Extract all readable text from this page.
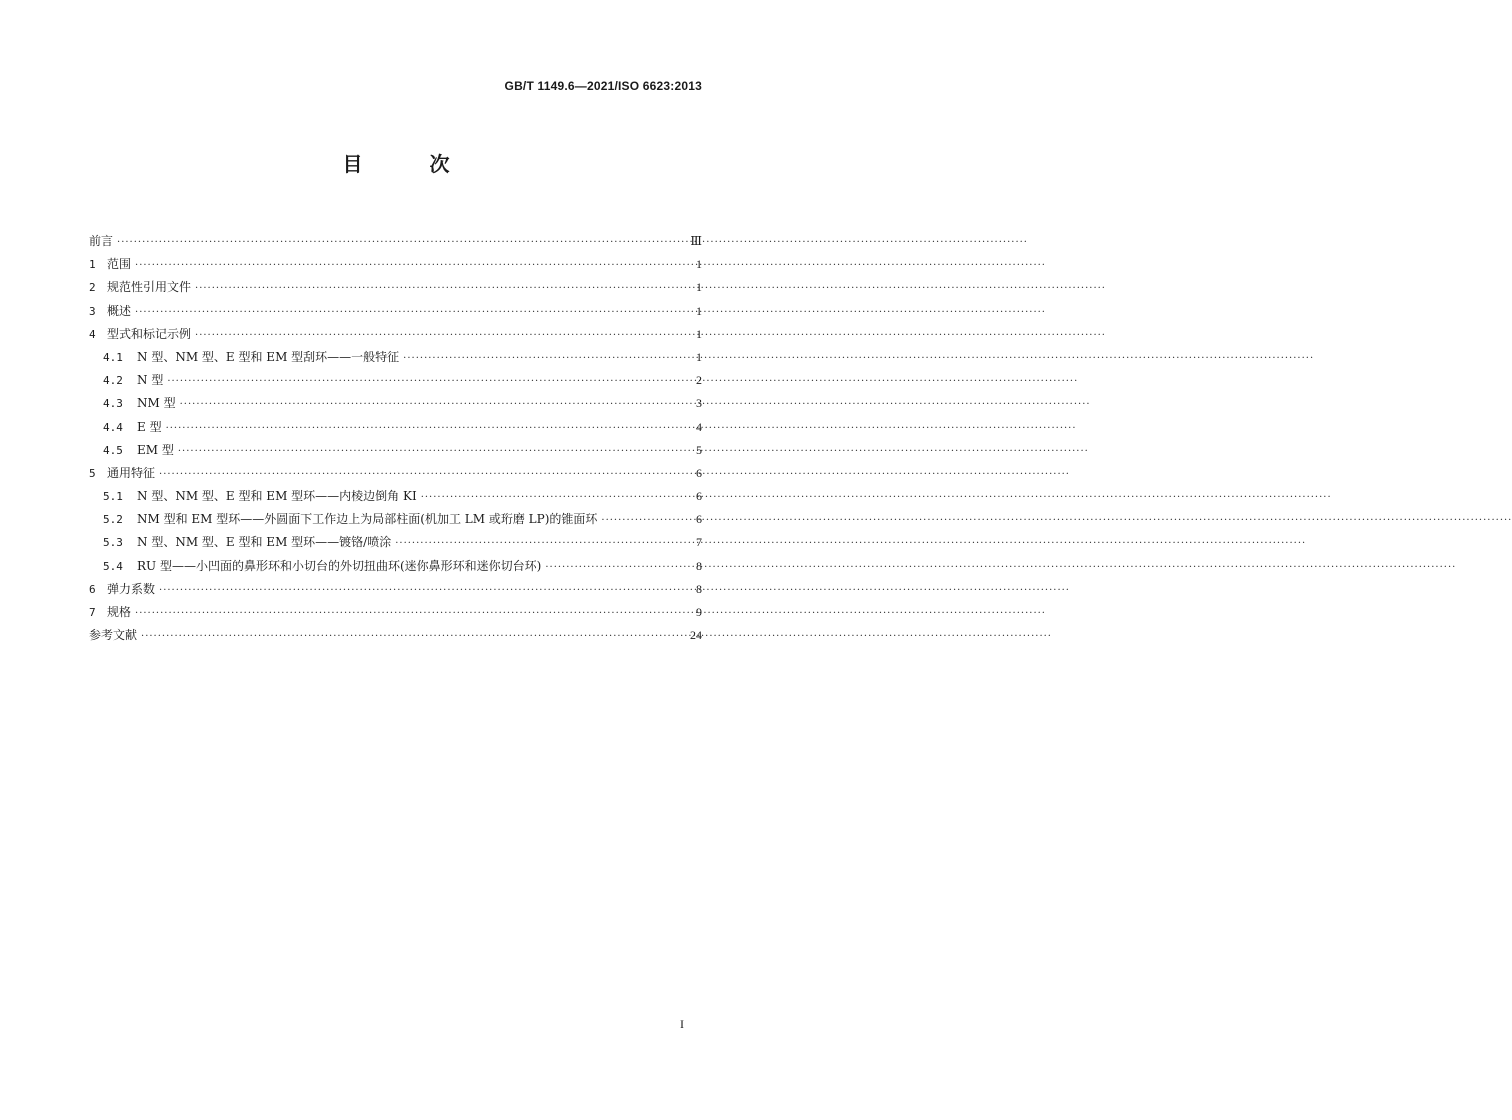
GB/T 1149.6—2021/ISO 6623:2013
目 次
前言 ·····	Ⅲ
1 范围 ·····	1
2 规范性引用文件 ·····	1
3 概述 ·····	1
4 型式和标记示例 ·····	1
4.1	N 型、NM 型、E 型和 EM 型刮环——一般特征 ·····	1
4.2	N 型 ·····	2
4.3	NM 型 ·····	3
4.4	E 型 ·····	4
4.5	EM 型 ·····	5
5 通用特征 ·····	6
5.1	N 型、NM 型、E 型和 EM 型环——内棱边倒角 KI ·····	6
5.2	NM 型和 EM 型环——外圆面下工作边上为局部柱面(机加工 LM 或珩磨 LP)的锥面环 ·····	6
5.3	N 型、NM 型、E 型和 EM 型环——镀铬/喷涂 ·····	7
5.4	RU 型——小凹面的鼻形环和小切台的外切扭曲环(迷你鼻形环和迷你切台环) ·····	8
6 弹力系数 ·····	8
7 规格 ·····	9
参考文献 ·····	24
I
